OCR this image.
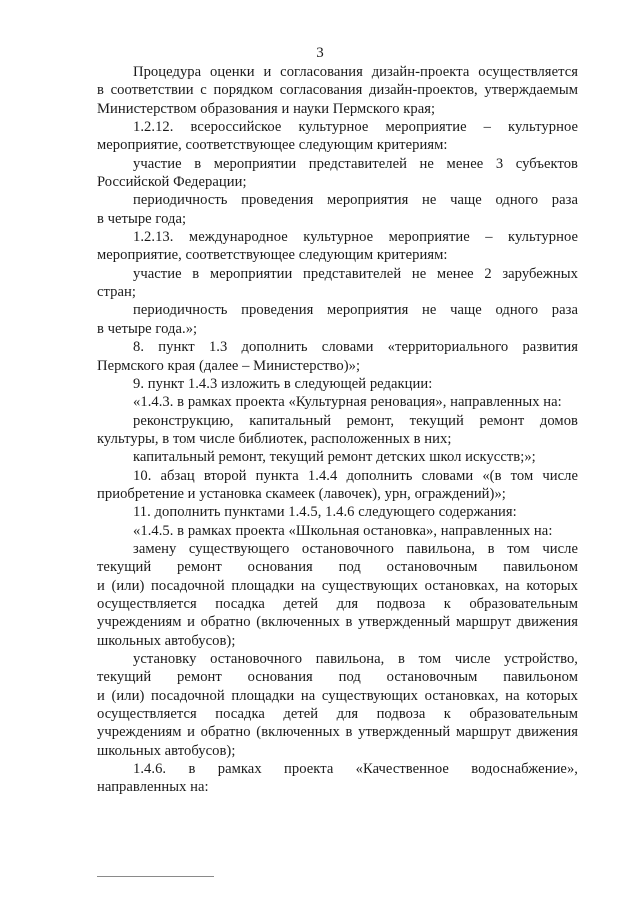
3
Процедура оценки и согласования дизайн-проекта осуществляется
в соответствии с порядком согласования дизайн-проектов, утверждаемым
Министерством образования и науки Пермского края;
1.2.12. всероссийское культурное мероприятие – культурное
мероприятие, соответствующее следующим критериям:
участие в мероприятии представителей не менее 3 субъектов
Российской Федерации;
периодичность проведения мероприятия не чаще одного раза
в четыре года;
1.2.13. международное культурное мероприятие – культурное
мероприятие, соответствующее следующим критериям:
участие в мероприятии представителей не менее 2 зарубежных
стран;
периодичность проведения мероприятия не чаще одного раза
в четыре года.»;
8. пункт 1.3 дополнить словами «территориального развития
Пермского края (далее – Министерство)»;
9. пункт 1.4.3 изложить в следующей редакции:
«1.4.3. в рамках проекта «Культурная реновация», направленных на:
реконструкцию, капитальный ремонт, текущий ремонт домов
культуры, в том числе библиотек, расположенных в них;
капитальный ремонт, текущий ремонт детских школ искусств;»;
10. абзац второй пункта 1.4.4 дополнить словами «(в том числе
приобретение и установка скамеек (лавочек), урн, ограждений)»;
11. дополнить пунктами 1.4.5, 1.4.6 следующего содержания:
«1.4.5. в рамках проекта «Школьная остановка», направленных на:
замену существующего остановочного павильона, в том числе
текущий ремонт основания под остановочным павильоном
и (или) посадочной площадки на существующих остановках, на которых
осуществляется посадка детей для подвоза к образовательным
учреждениям и обратно (включенных в утвержденный маршрут движения
школьных автобусов);
установку остановочного павильона, в том числе устройство,
текущий ремонт основания под остановочным павильоном
и (или) посадочной площадки на существующих остановках, на которых
осуществляется посадка детей для подвоза к образовательным
учреждениям и обратно (включенных в утвержденный маршрут движения
школьных автобусов);
1.4.6. в рамках проекта «Качественное водоснабжение»,
направленных на:
